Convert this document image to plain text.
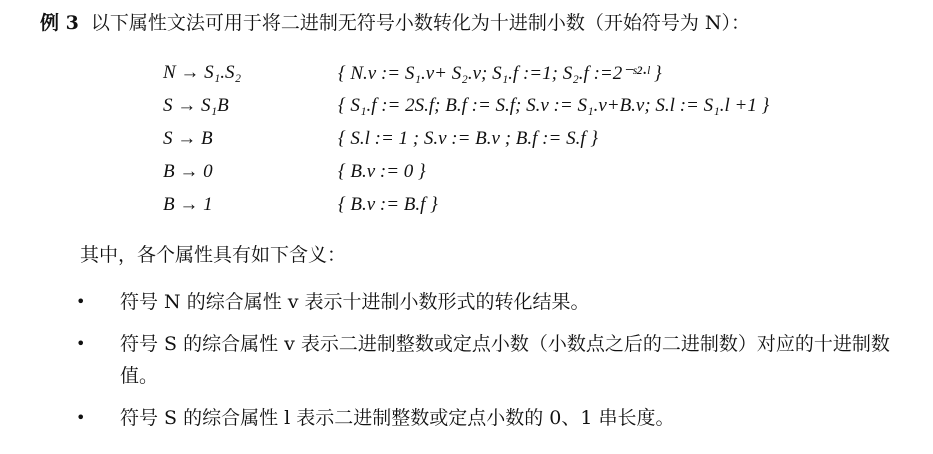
例 3 以下属性文法可用于将二进制无符号小数转化为十进制小数（开始符号为 N）：
N → S₁.S₂	{ N.v := S₁.v+ S₂.v; S₁.f :=1; S₂.f :=2⁻ˢ²·ˡ }
S → S₁B	{ S₁.f := 2S.f; B.f := S.f; S.v := S₁.v+B.v; S.l := S₁.l +1 }
S → B	{ S.l := 1 ; S.v := B.v ; B.f := S.f }
B → 0	{ B.v := 0 }
B → 1	{ B.v := B.f }
其中，各个属性具有如下含义：
• 符号 N 的综合属性 v 表示十进制小数形式的转化结果。
• 符号 S 的综合属性 v 表示二进制整数或定点小数（小数点之后的二进制数）对应的十进制数值。
• 符号 S 的综合属性 l 表示二进制整数或定点小数的 0、1 串长度。
